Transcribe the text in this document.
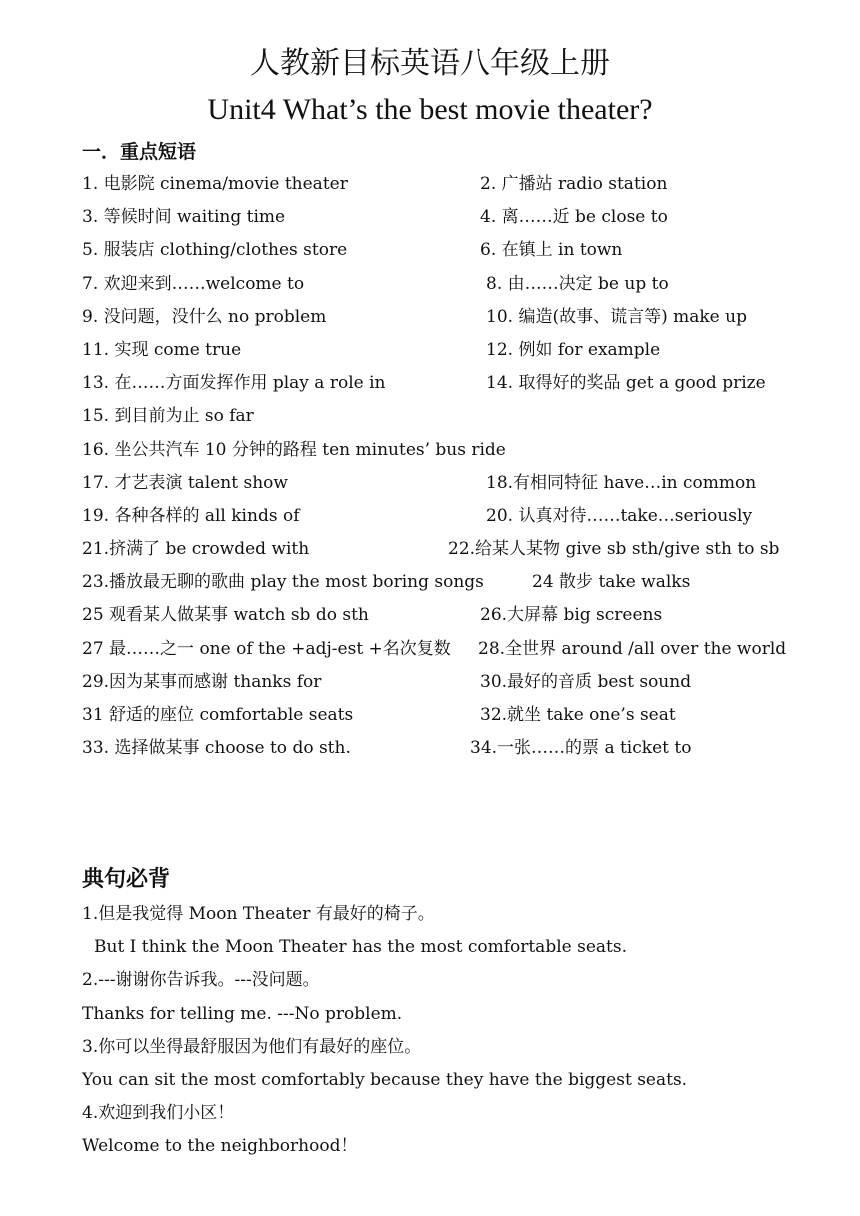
人教新目标英语八年级上册
Unit4 What’s the best movie theater?
一．重点短语
1. 电影院 cinema/movie theater	2. 广播站 radio station
3. 等候时间 waiting time	4. 离……近 be close to
5. 服装店 clothing/clothes store	6. 在镇上 in town
7. 欢迎来到……welcome to	8. 由……决定 be up to
9. 没问题，没什么 no problem	10. 编造(故事、谎言等) make up
11. 实现 come true	12. 例如 for example
13. 在……方面发挥作用 play a role in	14. 取得好的奖品 get a good prize
15. 到目前为止 so far
16. 坐公共汽车 10 分钟的路程 ten minutes’ bus ride
17. 才艺表演 talent show	18.有相同特征 have…in common
19. 各种各样的 all kinds of	20. 认真对待……take…seriously
21.挤满了 be crowded with	22.给某人某物 give sb sth/give sth to sb
23.播放最无聊的歌曲 play the most boring songs	24 散步 take walks
25 观看某人做某事 watch sb do sth	26.大屏幕 big screens
27 最……之一 one of the +adj-est +名次复数 28.全世界 around /all over the world
29.因为某事而感谢 thanks for	30.最好的音质 best sound
31 舒适的座位 comfortable seats	32.就坐 take one’s seat
33. 选择做某事 choose to do sth.	34.一张……的票 a ticket to
典句必背
1.但是我觉得 Moon Theater 有最好的椅子。
But I think the Moon Theater has the most comfortable seats.
2.---谢谢你告诉我。---没问题。
Thanks for telling me. ---No problem.
3.你可以坐得最舒服因为他们有最好的座位。
You can sit the most comfortably because they have the biggest seats.
4.欢迎到我们小区！
Welcome to the neighborhood！
